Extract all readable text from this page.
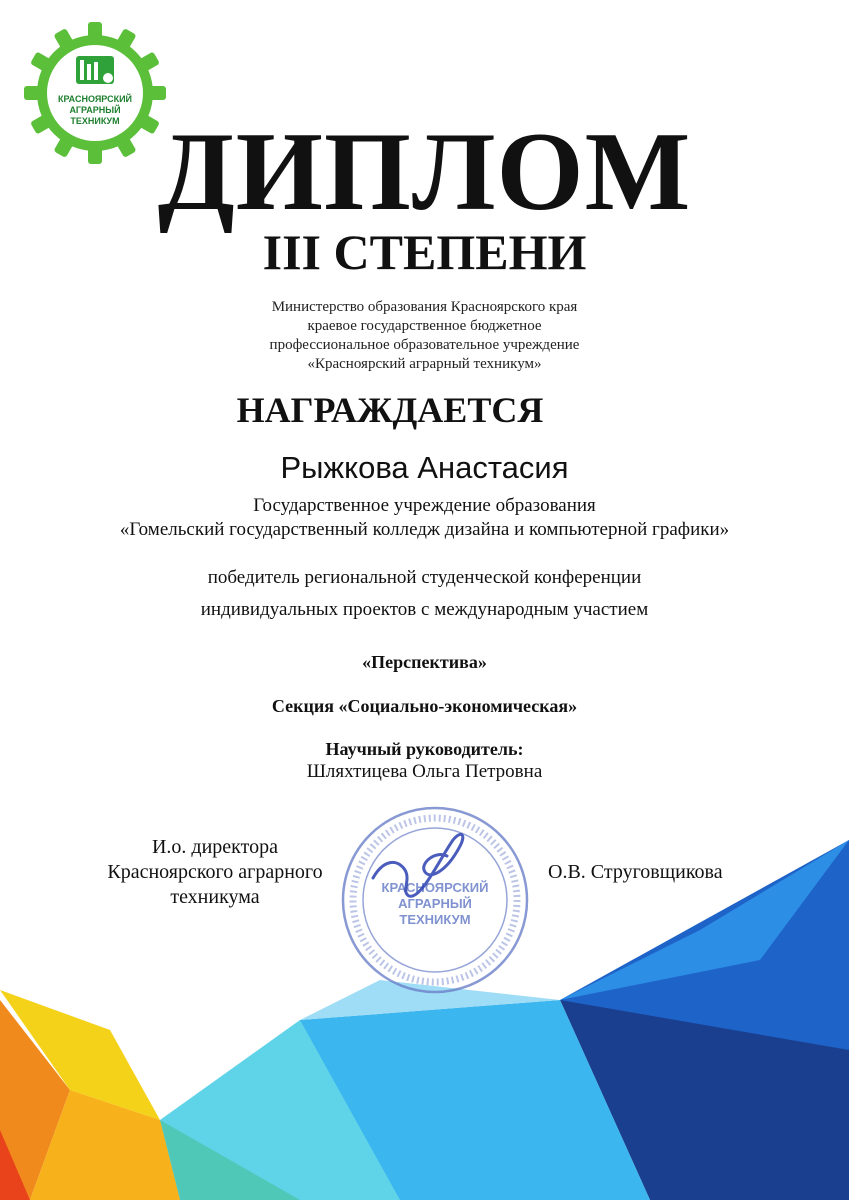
КРАСНОЯРСКИЙ
АГРАРНЫЙ
ТЕХНИКУМ ДИПЛОМ
III СТЕПЕНИ
Министерство образования Красноярского края
краевое государственное бюджетное
профессиональное образовательное учреждение
«Красноярский аграрный техникум»
НАГРАЖДАЕТСЯ
Рыжкова Анастасия
Государственное учреждение образования
«Гомельский государственный колледж дизайна и компьютерной графики»
победитель региональной студенческой конференции
индивидуальных проектов с международным участием
«Перспектива»
Секция «Социально-экономическая»
Научный руководитель:
Шляхтицева Ольга Петровна
И.о. директора
Красноярского аграрного
техникума	КРАСНОЯРСКИЙ
АГРАРНЫЙ
ТЕХНИКУМ
О.В. Струговщикова
